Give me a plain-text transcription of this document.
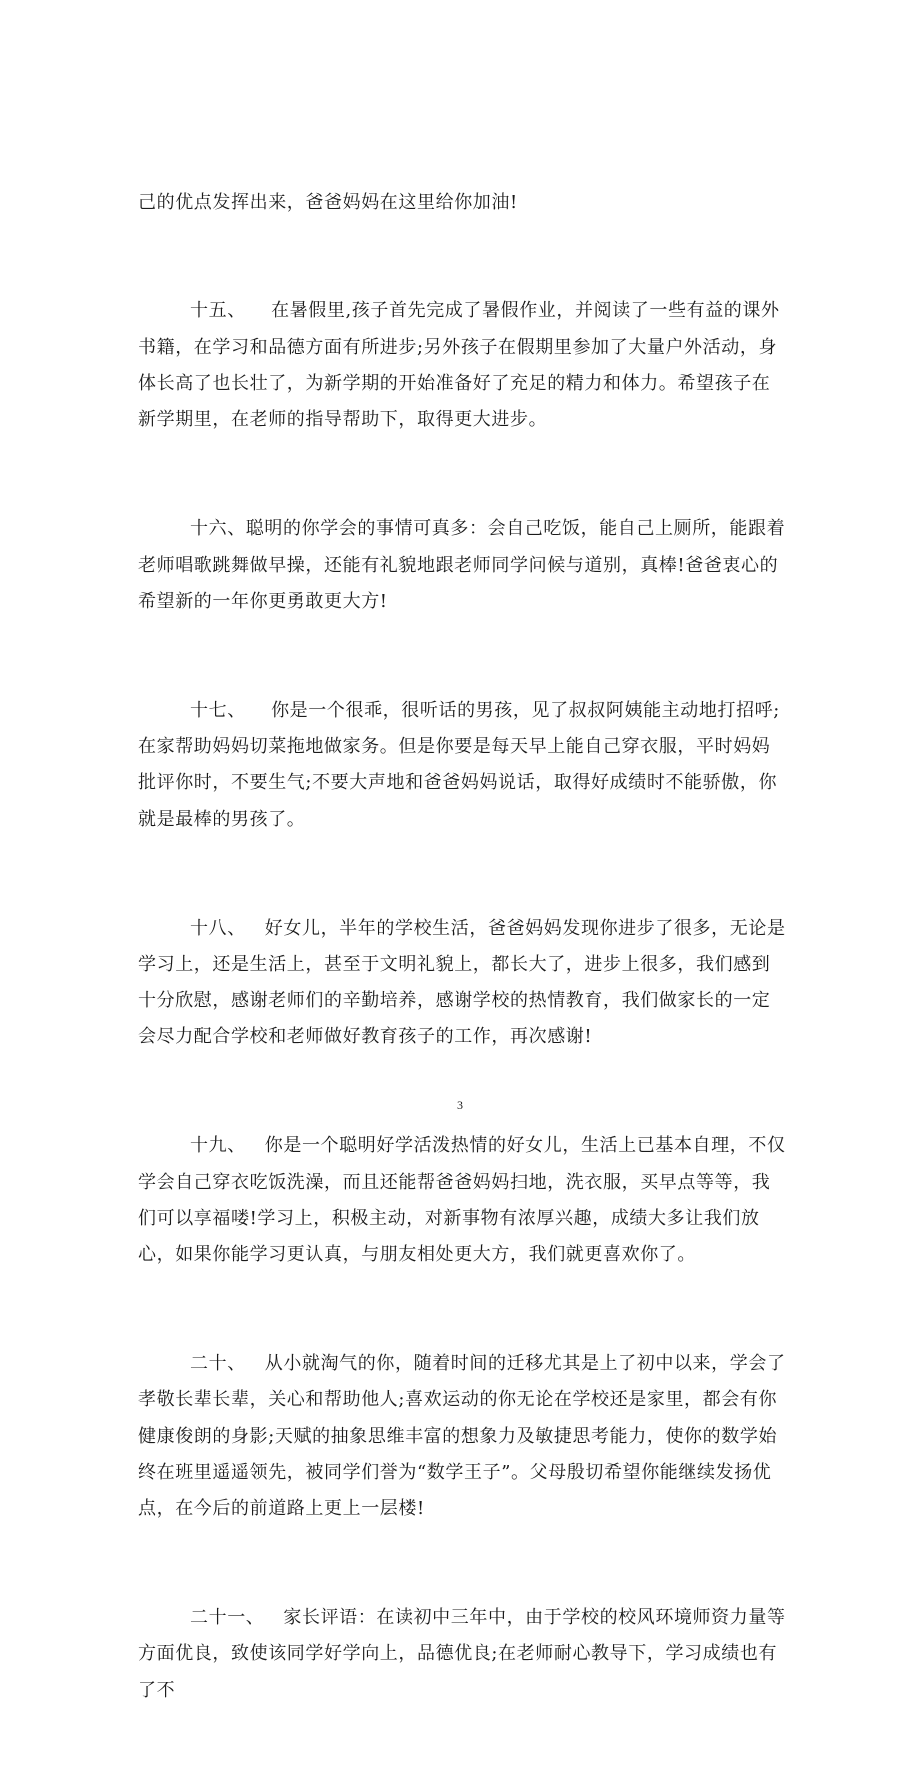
己的优点发挥出来，爸爸妈妈在这里给你加油!

十五、    在暑假里,孩子首先完成了暑假作业，并阅读了一些有益的课外书籍，在学习和品德方面有所进步;另外孩子在假期里参加了大量户外活动，身体长高了也长壮了，为新学期的开始准备好了充足的精力和体力。希望孩子在新学期里，在老师的指导帮助下，取得更大进步。

十六、聪明的你学会的事情可真多：会自己吃饭，能自己上厕所，能跟着老师唱歌跳舞做早操，还能有礼貌地跟老师同学问候与道别，真棒!爸爸衷心的希望新的一年你更勇敢更大方!

十七、    你是一个很乖，很听话的男孩，见了叔叔阿姨能主动地打招呼;在家帮助妈妈切菜拖地做家务。但是你要是每天早上能自己穿衣服，平时妈妈批评你时，不要生气;不要大声地和爸爸妈妈说话，取得好成绩时不能骄傲，你就是最棒的男孩了。

十八、   好女儿，半年的学校生活，爸爸妈妈发现你进步了很多，无论是学习上，还是生活上，甚至于文明礼貌上，都长大了，进步上很多，我们感到十分欣慰，感谢老师们的辛勤培养，感谢学校的热情教育，我们做家长的一定会尽力配合学校和老师做好教育孩子的工作，再次感谢!

十九、   你是一个聪明好学活泼热情的好女儿，生活上已基本自理，不仅学会自己穿衣吃饭洗澡，而且还能帮爸爸妈妈扫地，洗衣服，买早点等等，我们可以享福喽!学习上，积极主动，对新事物有浓厚兴趣，成绩大多让我们放心，如果你能学习更认真，与朋友相处更大方，我们就更喜欢你了。

二十、   从小就淘气的你，随着时间的迁移尤其是上了初中以来，学会了孝敬长辈长辈，关心和帮助他人;喜欢运动的你无论在学校还是家里，都会有你健康俊朗的身影;天赋的抽象思维丰富的想象力及敏捷思考能力，使你的数学始终在班里遥遥领先，被同学们誉为“数学王子”。父母殷切希望你能继续发扬优点，在今后的前道路上更上一层楼!

二十一、   家长评语：在读初中三年中，由于学校的校风环境师资力量等方面优良，致使该同学好学向上，品德优良;在老师耐心教导下，学习成绩也有了不

3
